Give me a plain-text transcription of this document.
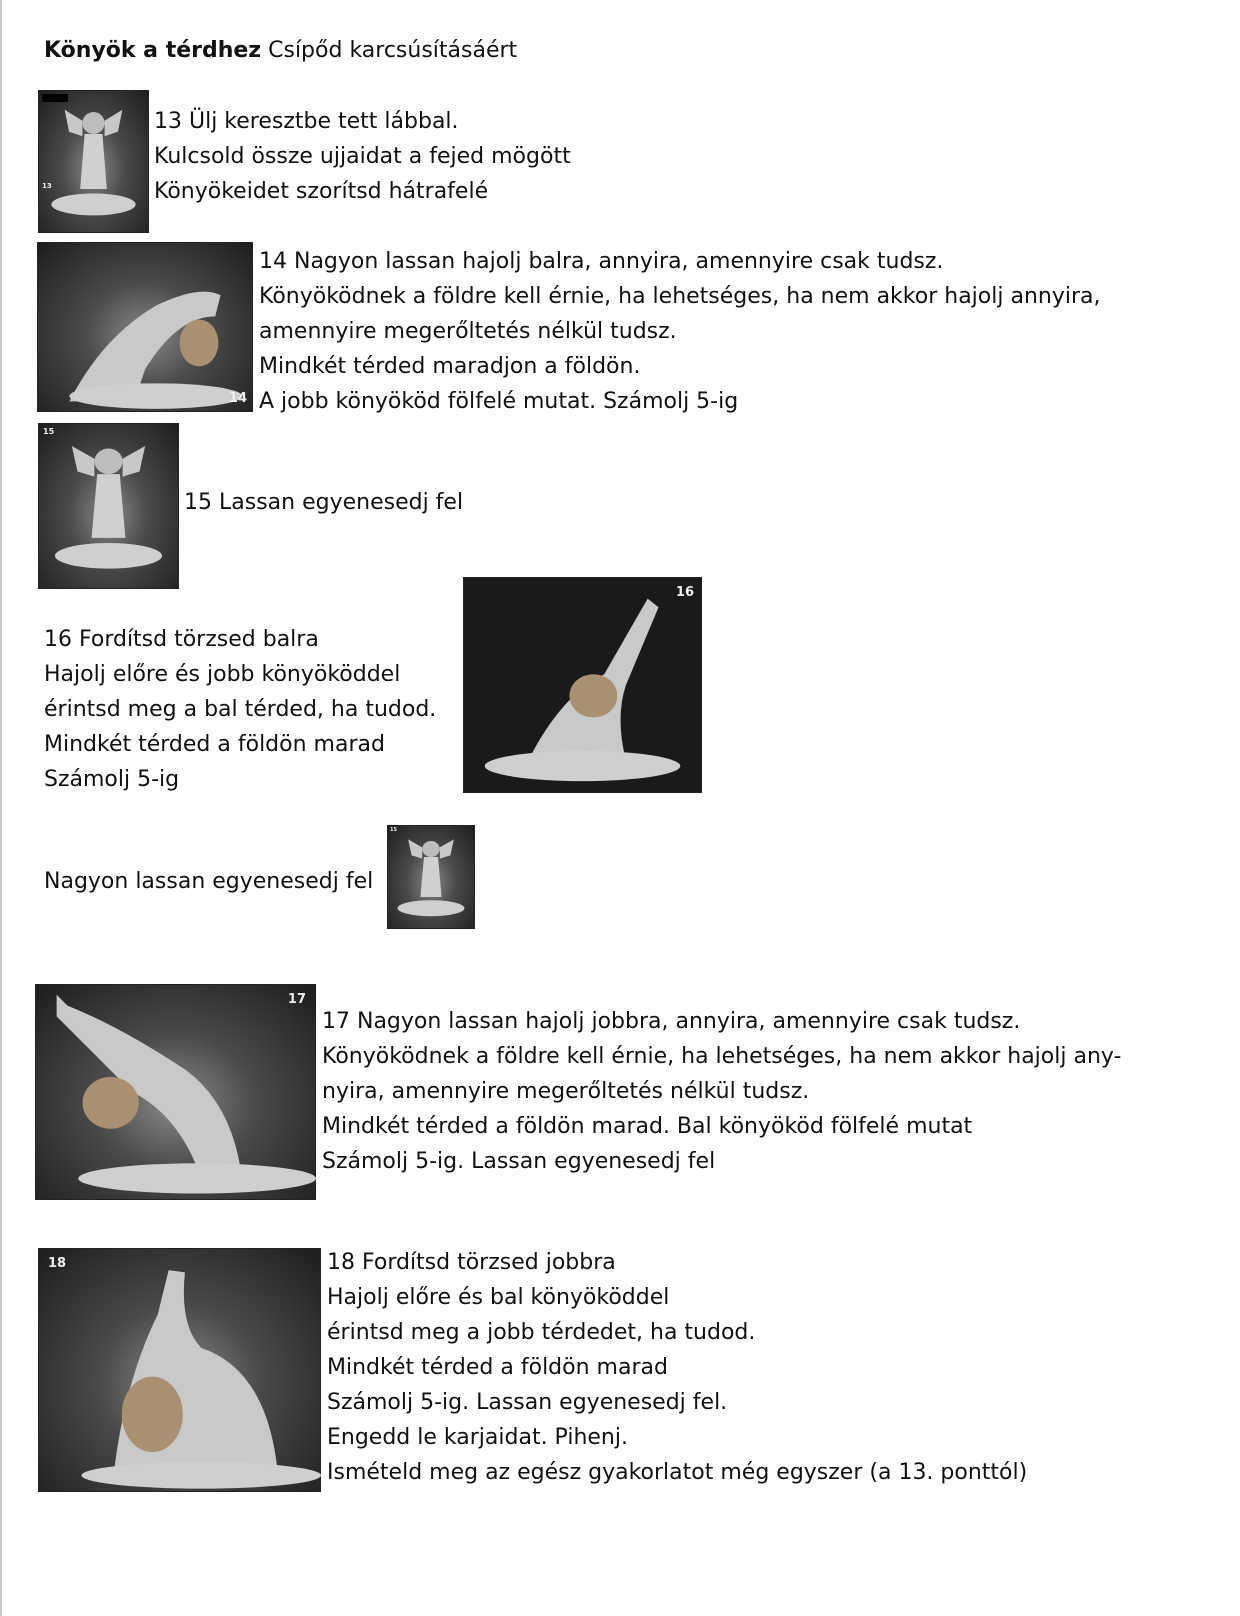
Könyök a térdhez Csípőd karcsúsításáért
13
13 Ülj keresztbe tett lábbal.
Kulcsold össze ujjaidat a fejed mögött
Könyökeidet szorítsd hátrafelé
14
14 Nagyon lassan hajolj balra, annyira, amennyire csak tudsz.
Könyöködnek a földre kell érnie, ha lehetséges, ha nem akkor hajolj annyira,
amennyire megerőltetés nélkül tudsz.
Mindkét térded maradjon a földön.
A jobb könyököd fölfelé mutat. Számolj 5-ig
15
15 Lassan egyenesedj fel
16 Fordítsd törzsed balra
Hajolj előre és jobb könyököddel
érintsd meg a bal térded, ha tudod.
Mindkét térded a földön marad
Számolj 5-ig
16
Nagyon lassan egyenesedj fel
15
17
17 Nagyon lassan hajolj jobbra, annyira, amennyire csak tudsz.
Könyöködnek a földre kell érnie, ha lehetséges, ha nem akkor hajolj any-
nyira, amennyire megerőltetés nélkül tudsz.
Mindkét térded a földön marad. Bal könyököd fölfelé mutat
Számolj 5-ig. Lassan egyenesedj fel
18	18 Fordítsd törzsed jobbra
Hajolj előre és bal könyököddel
érintsd meg a jobb térdedet, ha tudod.
Mindkét térded a földön marad
Számolj 5-ig. Lassan egyenesedj fel.
Engedd le karjaidat. Pihenj.
Ismételd meg az egész gyakorlatot még egyszer (a 13. ponttól)
